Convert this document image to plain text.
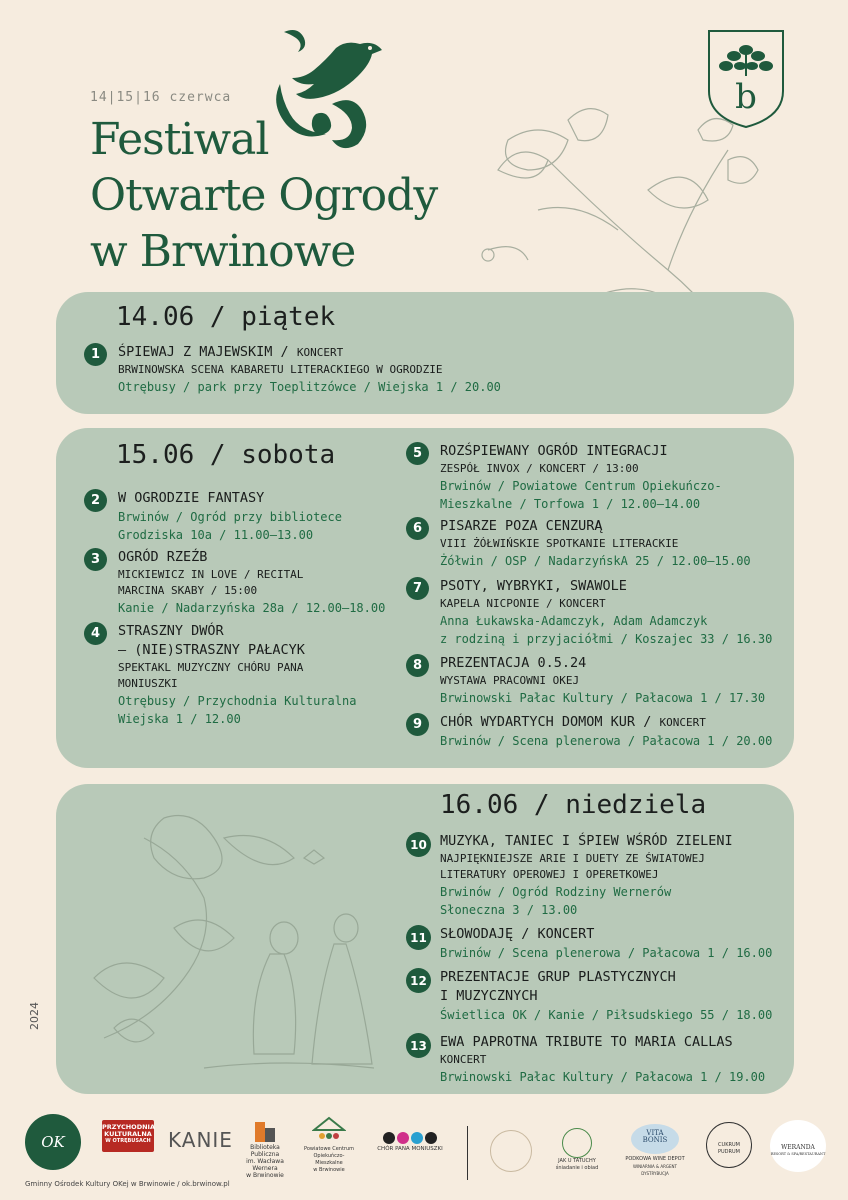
14|15|16 czerwca
Festiwal
Otwarte Ogrody
w Brwinowe
b
14.06 / piątek
1	ŚPIEWAJ Z MAJEWSKIM / KONCERT
BRWINOWSKA SCENA KABARETU LITERACKIEGO W OGRODZIE
Otrębusy / park przy Toeplitzówce / Wiejska 1 / 20.00
15.06 / sobota
2	W OGRODZIE FANTASY
Brwinów / Ogród przy bibliotece
Grodziska 10a / 11.00–13.00
3	OGRÓD RZEŹB
MICKIEWICZ IN LOVE / RECITAL
MARCINA SKABY / 15:00
Kanie / Nadarzyńska 28a / 12.00–18.00
4	STRASZNY DWÓR
– (NIE)STRASZNY PAŁACYK
SPEKTAKL MUZYCZNY CHÓRU PANA
MONIUSZKI
Otrębusy / Przychodnia Kulturalna
Wiejska 1 / 12.00
5	ROZŚPIEWANY OGRÓD INTEGRACJI
ZESPÓŁ INVOX / KONCERT / 13:00
Brwinów / Powiatowe Centrum Opiekuńczo-
Mieszkalne / Torfowa 1 / 12.00–14.00
6	PISARZE POZA CENZURĄ
VIII ŻÓŁWIŃSKIE SPOTKANIE LITERACKIE
Żółwin / OSP / NadarzyńskA 25 / 12.00–15.00
7	PSOTY, WYBRYKI, SWAWOLE
KAPELA NICPONIE / KONCERT
Anna Łukawska-Adamczyk, Adam Adamczyk
z rodziną i przyjaciółmi / Koszajec 33 / 16.30
8	PREZENTACJA 0.5.24
WYSTAWA PRACOWNI OKEJ
Brwinowski Pałac Kultury / Pałacowa 1 / 17.30
9	CHÓR WYDARTYCH DOMOM KUR / KONCERT
Brwinów / Scena plenerowa / Pałacowa 1 / 20.00
16.06 / niedziela
10 MUZYKA, TANIEC I ŚPIEW WŚRÓD ZIELENI
NAJPIĘKNIEJSZE ARIE I DUETY ZE ŚWIATOWEJ
LITERATURY OPEROWEJ I OPERETKOWEJ
Brwinów / Ogród Rodziny Wernerów
Słoneczna 3 / 13.00
11 SŁOWODAJĘ / KONCERT
Brwinów / Scena plenerowa / Pałacowa 1 / 16.00
12 PREZENTACJE GRUP PLASTYCZNYCH
I MUZYCZNYCH
Świetlica OK / Kanie / Piłsudskiego 55 / 18.00
13 EWA PAPROTNA TRIBUTE TO MARIA CALLAS
KONCERT
Brwinowski Pałac Kultury / Pałacowa 1 / 19.00
2024
OK
PRZYCHODNIA
KULTURALNA
W OTRĘBUSACH KANIE	Biblioteka Publiczna
im. Wacława Wernera
w Brwinowie
Powiatowe Centrum
Opiekuńczo-Mieszkalne
w Brwinowie
CHÓR PANA MONIUSZKI
JAK U TATUCHY
śniadanie i obiad
VITA
BONIS
PODKOWA WINE DEPOT
WINIARNIA & ARGENT DYSTRYBUCJA
CUKRUM PUDRUM
WERANDA
RESORT & SPA/RESTAURANT
Gminny Ośrodek Kultury OKej w Brwinowie / ok.brwinow.pl
